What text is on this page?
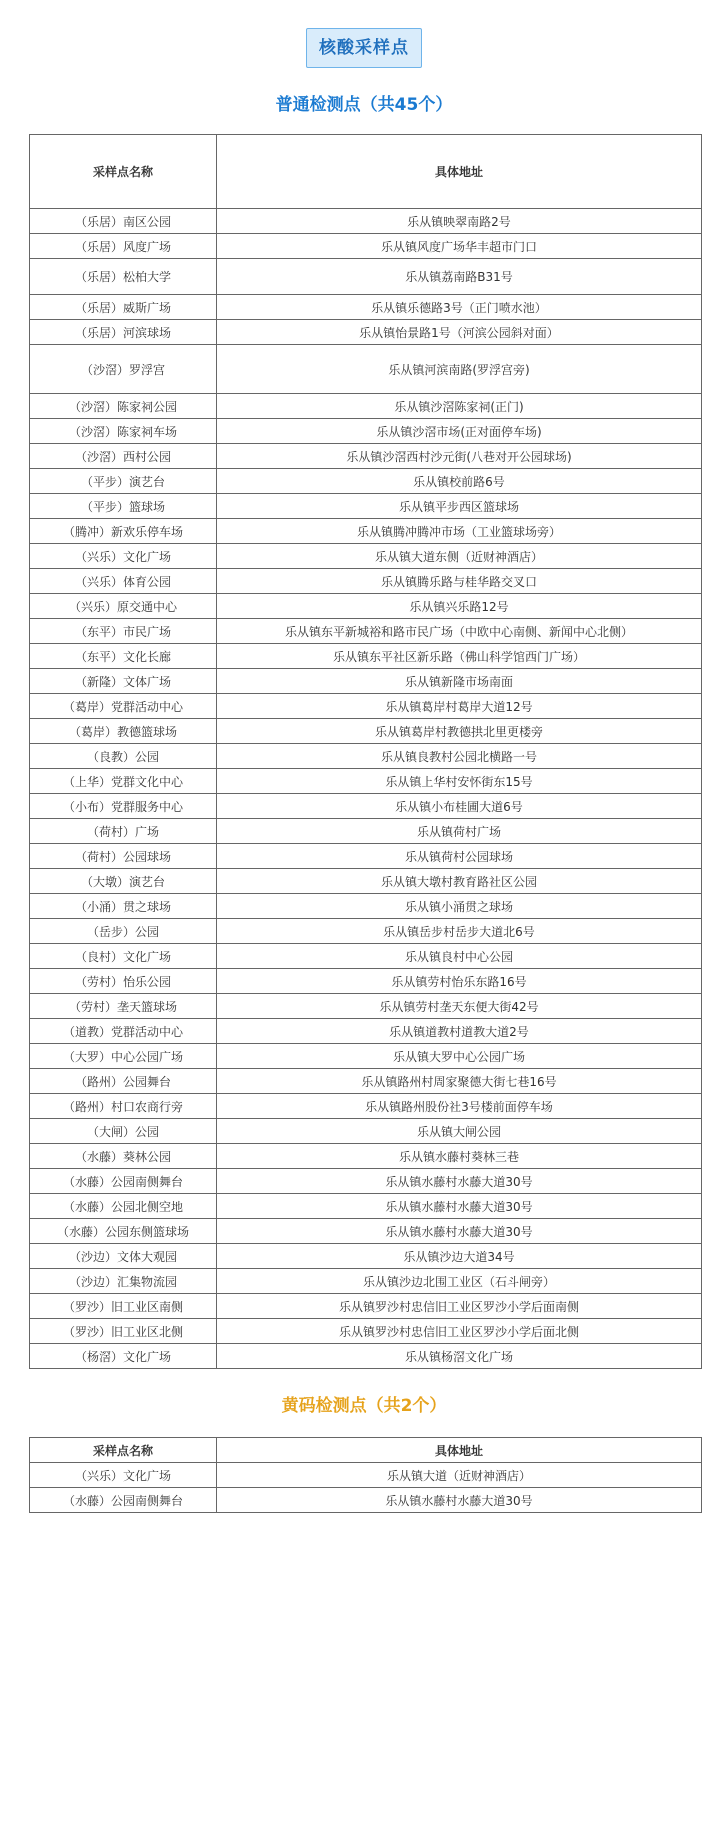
核酸采样点
普通检测点（共45个）
采样点名称	具体地址
（乐居）南区公园	乐从镇映翠南路2号
（乐居）风度广场	乐从镇风度广场华丰超市门口
（乐居）松柏大学	乐从镇荔南路B31号
（乐居）威斯广场	乐从镇乐德路3号（正门喷水池）
（乐居）河滨球场	乐从镇怡景路1号（河滨公园斜对面）
（沙滘）罗浮宫	乐从镇河滨南路(罗浮宫旁)
（沙滘）陈家祠公园	乐从镇沙滘陈家祠(正门)
（沙滘）陈家祠车场	乐从镇沙滘市场(正对面停车场)
（沙滘）西村公园	乐从镇沙滘西村沙元街(八巷对开公园球场)
（平步）演艺台	乐从镇校前路6号
（平步）篮球场	乐从镇平步西区篮球场
（腾冲）新欢乐停车场	乐从镇腾冲腾冲市场（工业篮球场旁）
（兴乐）文化广场	乐从镇大道东侧（近财神酒店）
（兴乐）体育公园	乐从镇腾乐路与桂华路交叉口
（兴乐）原交通中心	乐从镇兴乐路12号
（东平）市民广场	乐从镇东平新城裕和路市民广场（中欧中心南侧、新闻中心北侧）
（东平）文化长廊	乐从镇东平社区新乐路（佛山科学馆西门广场）
（新隆）文体广场	乐从镇新隆市场南面
（葛岸）党群活动中心	乐从镇葛岸村葛岸大道12号
（葛岸）教德篮球场	乐从镇葛岸村教德拱北里更楼旁
（良教）公园	乐从镇良教村公园北横路一号
（上华）党群文化中心	乐从镇上华村安怀街东15号
（小布）党群服务中心	乐从镇小布桂圃大道6号
（荷村）广场	乐从镇荷村广场
（荷村）公园球场	乐从镇荷村公园球场
（大墩）演艺台	乐从镇大墩村教育路社区公园
（小涌）贯之球场	乐从镇小涌贯之球场
（岳步）公园	乐从镇岳步村岳步大道北6号
（良村）文化广场	乐从镇良村中心公园
（劳村）怡乐公园	乐从镇劳村怡乐东路16号
（劳村）垄天篮球场	乐从镇劳村垄天东便大街42号
（道教）党群活动中心	乐从镇道教村道教大道2号
（大罗）中心公园广场	乐从镇大罗中心公园广场
（路州）公园舞台	乐从镇路州村周家聚德大街七巷16号
（路州）村口农商行旁	乐从镇路州股份社3号楼前面停车场
（大闸）公园	乐从镇大闸公园
（水藤）葵林公园	乐从镇水藤村葵林三巷
（水藤）公园南侧舞台	乐从镇水藤村水藤大道30号
（水藤）公园北侧空地	乐从镇水藤村水藤大道30号
（水藤）公园东侧篮球场	乐从镇水藤村水藤大道30号
（沙边）文体大观园	乐从镇沙边大道34号
（沙边）汇集物流园	乐从镇沙边北围工业区（石斗闸旁）
（罗沙）旧工业区南侧	乐从镇罗沙村忠信旧工业区罗沙小学后面南侧
（罗沙）旧工业区北侧	乐从镇罗沙村忠信旧工业区罗沙小学后面北侧
（杨滘）文化广场	乐从镇杨滘文化广场
黄码检测点（共2个）
采样点名称	具体地址
（兴乐）文化广场	乐从镇大道（近财神酒店）
（水藤）公园南侧舞台	乐从镇水藤村水藤大道30号
